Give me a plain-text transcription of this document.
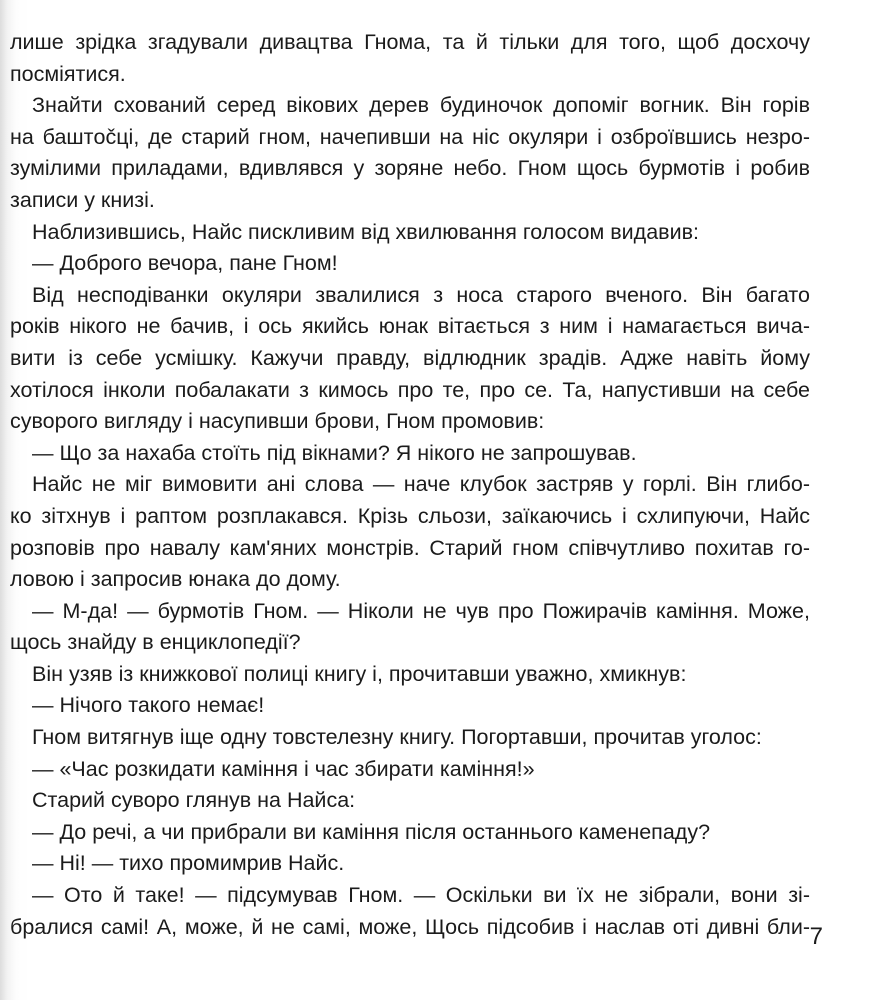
лише зрідка згадували дивацтва Гнома, та й тільки для того, щоб досхочу
посміятися.
Знайти схований серед вікових дерев будиночок допоміг вогник. Він горів
на баштočці, де старий гном, начепивши на ніс окуляри і озброївшись незро-
зумілими приладами, вдивлявся у зоряне небо. Гном щось бурмотів і робив
записи у книзі.
Наблизившись, Найс пискливим від хвилювання голосом видавив:
— Доброго вечора, пане Гном!
Від несподіванки окуляри звалилися з носа старого вченого. Він багато
років нікого не бачив, і ось якийсь юнак вітається з ним і намагається вича-
вити із себе усмішку. Кажучи правду, відлюдник зрадів. Адже навіть йому
хотілося інколи побалакати з кимось про те, про се. Та, напустивши на себе
суворого вигляду і насупивши брови, Гном промовив:
— Що за нахаба стоїть під вікнами? Я нікого не запрошував.
Найс не міг вимовити ані слова — наче клубок застряв у горлі. Він глибо-
ко зітхнув і раптом розплакався. Крізь сльози, заїкаючись і схлипуючи, Найс
розповів про навалу кам'яних монстрів. Старий гном співчутливо похитав го-
ловою і запросив юнака до дому.
— М-да! — бурмотів Гном. — Ніколи не чув про Пожирачів каміння. Може,
щось знайду в енциклопедії?
Він узяв із книжкової полиці книгу і, прочитавши уважно, хмикнув:
— Нічого такого немає!
Гном витягнув іще одну товстелезну книгу. Погортавши, прочитав уголос:
— «Час розкидати каміння і час збирати каміння!»
Старий суворо глянув на Найса:
— До речі, а чи прибрали ви каміння після останнього каменепаду?
— Ні! — тихо промимрив Найс.
— Ото й таке! — підсумував Гном. — Оскільки ви їх не зібрали, вони зі-
бралися самі! А, може, й не самі, може, Щось підсобив і наслав оті дивні бли- 7
